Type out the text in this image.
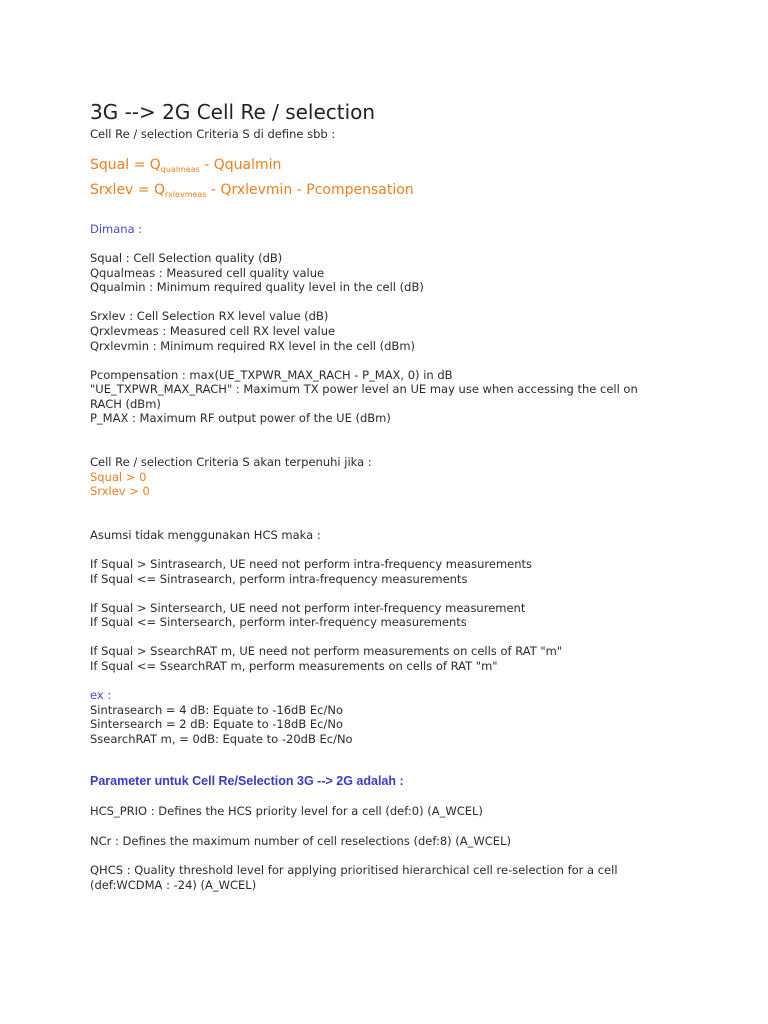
3G --> 2G Cell Re / selection
Cell Re / selection Criteria S di define sbb :
Squal = $Q_{qualmeas}$ - Qqualmin
Srxlev = $Q_{rxlevmeas}$ - Qrxlevmin - Pcompensation
Dimana :
Squal : Cell Selection quality (dB)
Qqualmeas : Measured cell quality value
Qqualmin : Minimum required quality level in the cell (dB)
Srxlev : Cell Selection RX level value (dB)
Qrxlevmeas : Measured cell RX level value
Qrxlevmin : Minimum required RX level in the cell (dBm)
Pcompensation : max(UE_TXPWR_MAX_RACH - P_MAX, 0) in dB
"UE_TXPWR_MAX_RACH" : Maximum TX power level an UE may use when accessing the cell on RACH (dBm)
P_MAX : Maximum RF output power of the UE (dBm)
Cell Re / selection Criteria S akan terpenuhi jika :
Squal > 0
Srxlev > 0
Asumsi tidak menggunakan HCS maka :
If Squal > Sintrasearch, UE need not perform intra-frequency measurements
If Squal <= Sintrasearch, perform intra-frequency measurements
If Squal > Sintersearch, UE need not perform inter-frequency measurement
If Squal <= Sintersearch, perform inter-frequency measurements
If Squal > SsearchRAT m, UE need not perform measurements on cells of RAT "m"
If Squal <= SsearchRAT m, perform measurements on cells of RAT "m"
ex :
Sintrasearch = 4 dB: Equate to -16dB Ec/No
Sintersearch = 2 dB: Equate to -18dB Ec/No
SsearchRAT m, = 0dB: Equate to -20dB Ec/No
Parameter untuk Cell Re/Selection 3G --> 2G adalah :
HCS_PRIO : Defines the HCS priority level for a cell (def:0) (A_WCEL)
NCr : Defines the maximum number of cell reselections (def:8) (A_WCEL)
QHCS : Quality threshold level for applying prioritised hierarchical cell re-selection for a cell (def:WCDMA : -24) (A_WCEL)
